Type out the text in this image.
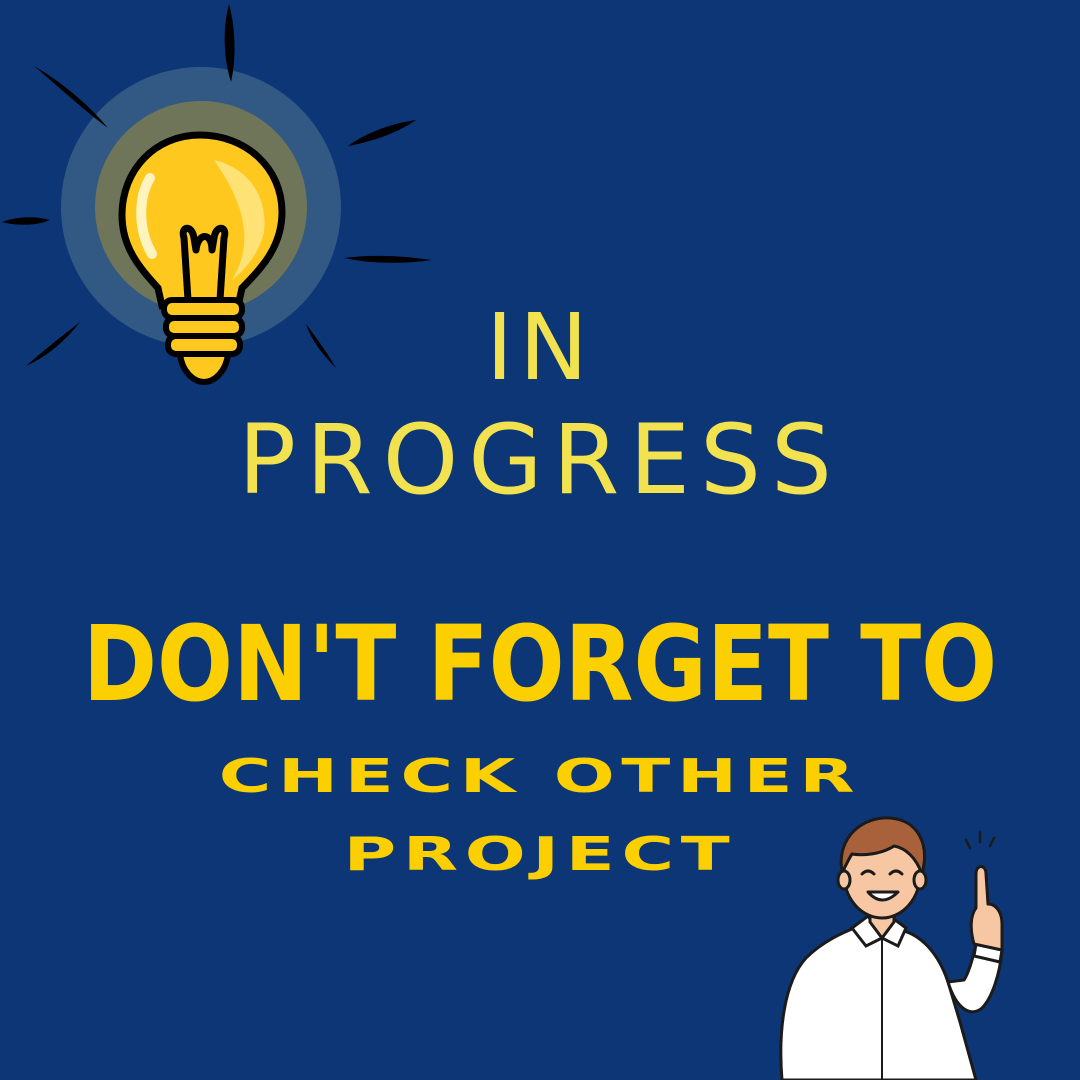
IN
PROGRESS
DON'T FORGET TO
CHECK OTHER
PROJECT
